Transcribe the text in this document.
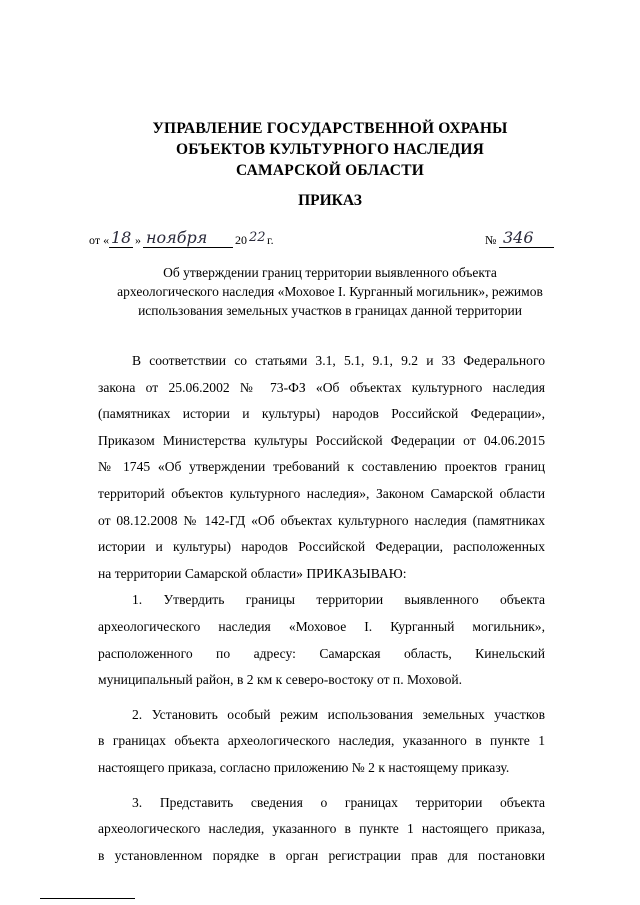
УПРАВЛЕНИЕ ГОСУДАРСТВЕННОЙ ОХРАНЫ
ОБЪЕКТОВ КУЛЬТУРНОГО НАСЛЕДИЯ
САМАРСКОЙ ОБЛАСТИ
ПРИКАЗ
от « 18 » ноября 20 22 г.	№ 346
Об утверждении границ территории выявленного объекта
археологического наследия «Моховое I. Курганный могильник», режимов
использования земельных участков в границах данной территории
В соответствии со статьями 3.1, 5.1, 9.1, 9.2 и 33 Федерального
закона от 25.06.2002 № 73-ФЗ «Об объектах культурного наследия
(памятниках истории и культуры) народов Российской Федерации»,
Приказом Министерства культуры Российской Федерации от 04.06.2015
№ 1745 «Об утверждении требований к составлению проектов границ
территорий объектов культурного наследия», Законом Самарской области
от 08.12.2008 № 142-ГД «Об объектах культурного наследия (памятниках
истории и культуры) народов Российской Федерации, расположенных
на территории Самарской области» ПРИКАЗЫВАЮ:
1. Утвердить границы территории выявленного объекта
археологического наследия «Моховое I. Курганный могильник»,
расположенного по адресу: Самарская область, Кинельский
муниципальный район, в 2 км к северо-востоку от п. Моховой.
2. Установить особый режим использования земельных участков
в границах объекта археологического наследия, указанного в пункте 1
настоящего приказа, согласно приложению № 2 к настоящему приказу.
3. Представить сведения о границах территории объекта
археологического наследия, указанного в пункте 1 настоящего приказа,
в установленном порядке в орган регистрации прав для постановки
